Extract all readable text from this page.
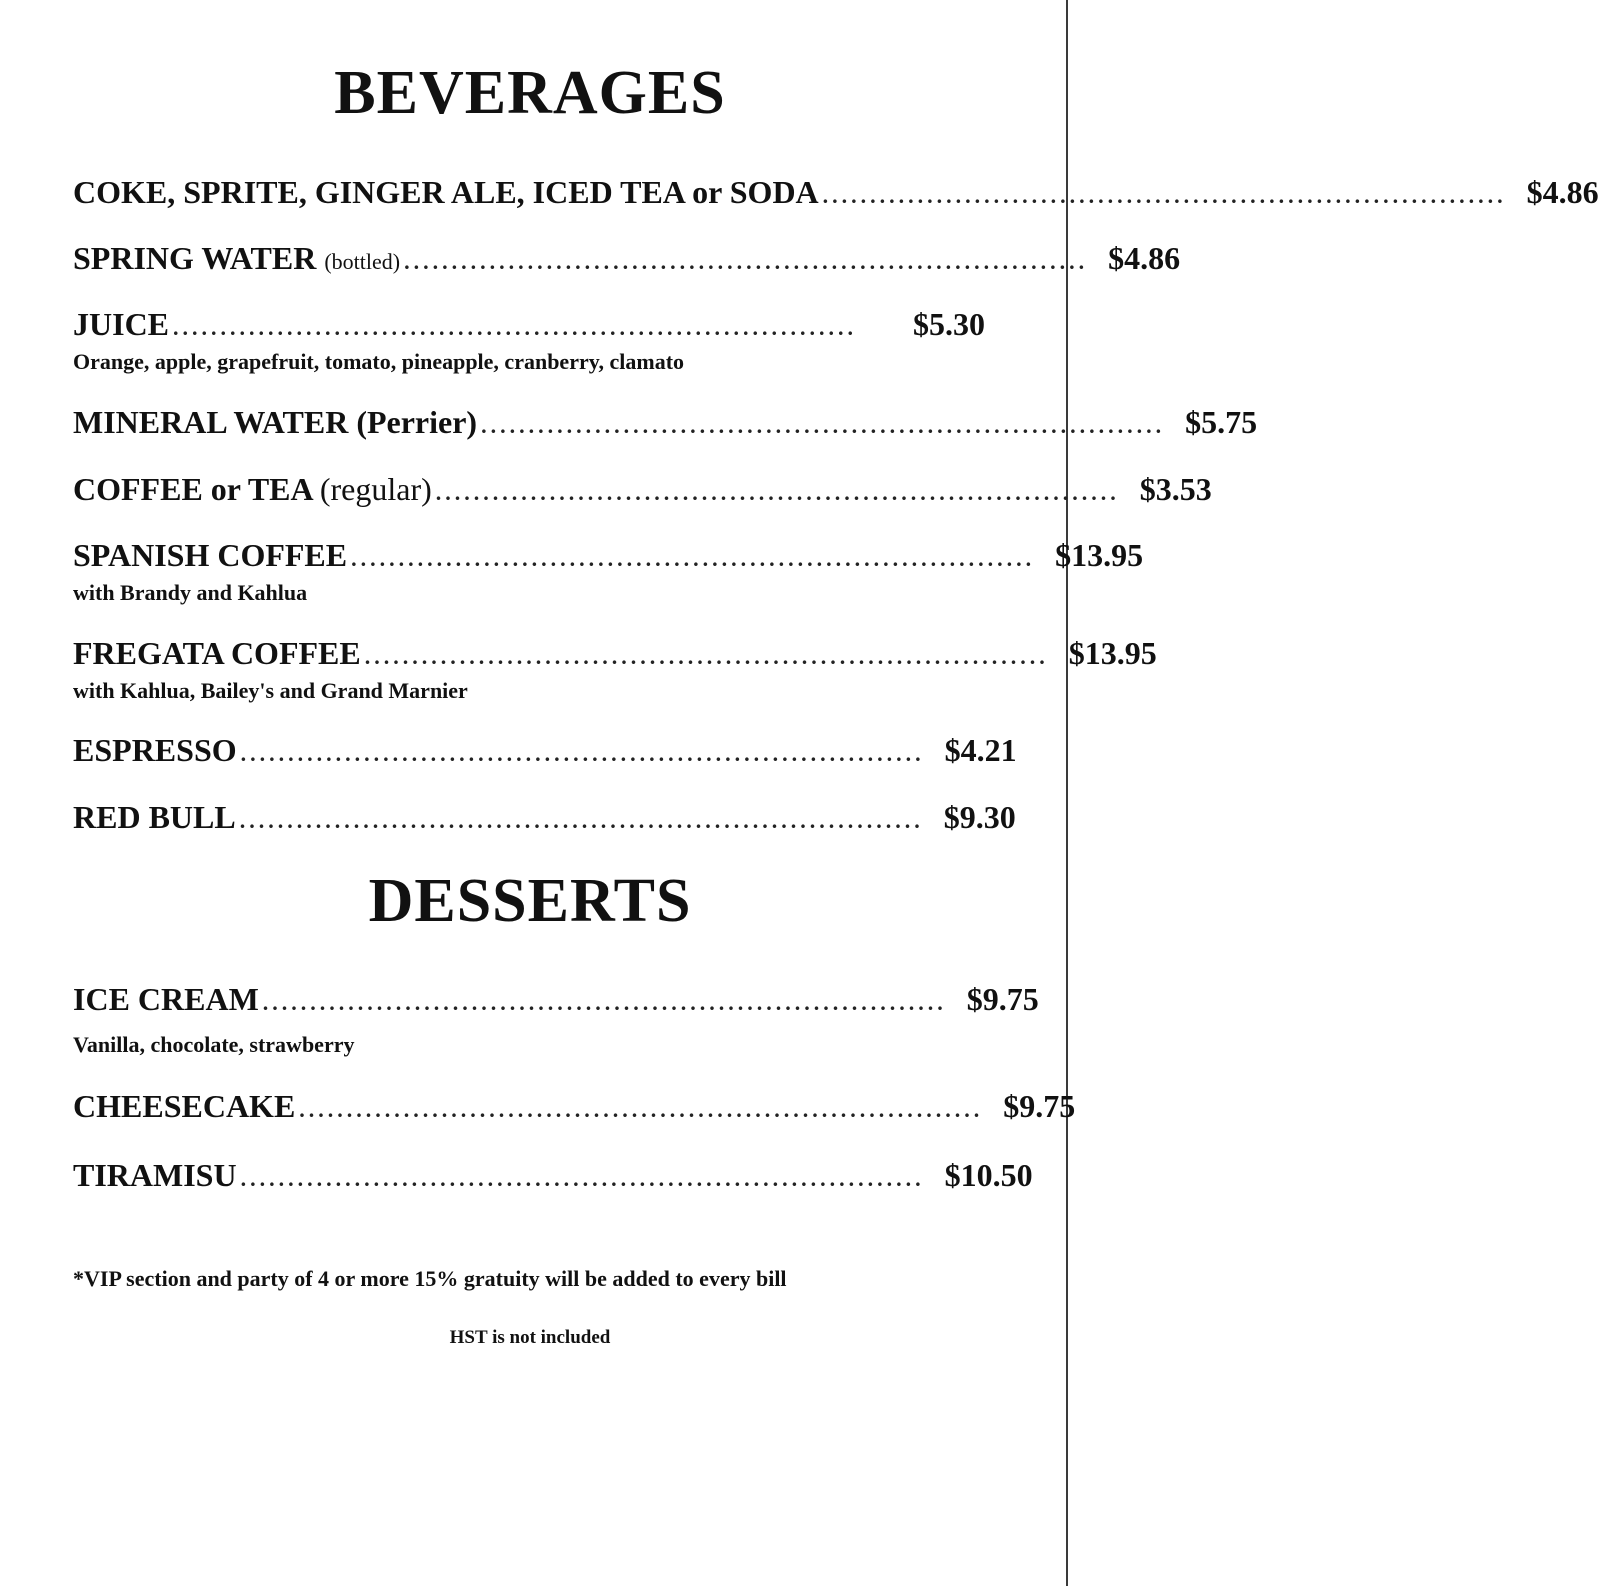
BEVERAGES
COKE, SPRITE, GINGER ALE, ICED TEA or SODA ........................................................................ $4.86
SPRING WATER (bottled) ........................................................................ $4.86
JUICE ........................................................................	$5.30
Orange, apple, grapefruit, tomato, pineapple, cranberry, clamato
MINERAL WATER (Perrier) ........................................................................ $5.75
COFFEE or TEA (regular) ........................................................................ $3.53
SPANISH COFFEE ........................................................................ $13.95
with Brandy and Kahlua
FREGATA COFFEE ........................................................................ $13.95
with Kahlua, Bailey's and Grand Marnier
ESPRESSO ........................................................................ $4.21
RED BULL ........................................................................ $9.30
DESSERTS
ICE CREAM ........................................................................ $9.75
Vanilla, chocolate, strawberry
CHEESECAKE ........................................................................ $9.75
TIRAMISU ........................................................................ $10.50
*VIP section and party of 4 or more 15% gratuity will be added to every bill
HST is not included
